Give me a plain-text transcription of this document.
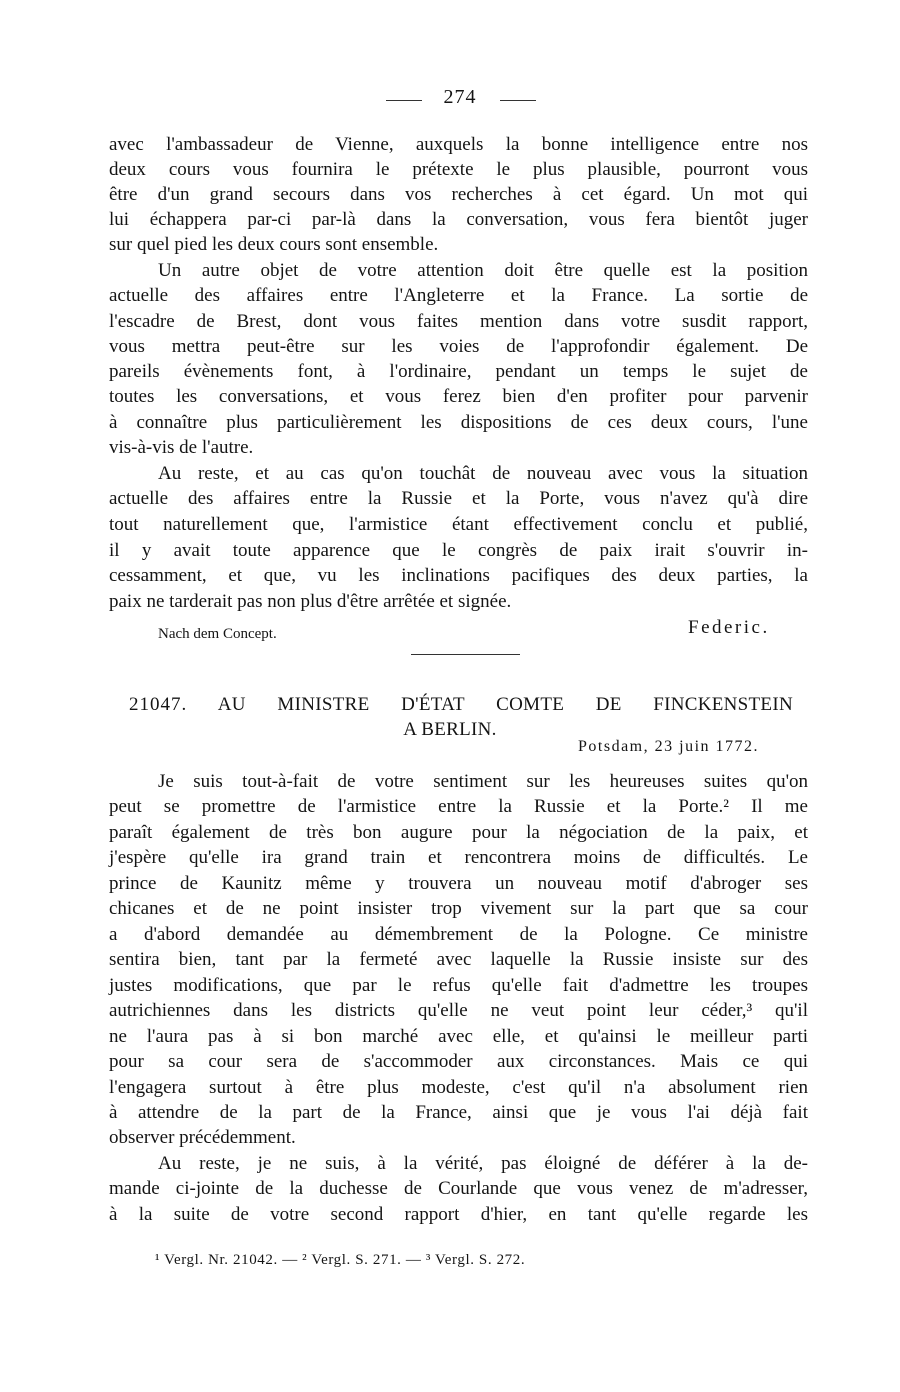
274
avec l'ambassadeur de Vienne, auxquels la bonne intelligence entre nos
deux cours vous fournira le prétexte le plus plausible, pourront vous
être d'un grand secours dans vos recherches à cet égard. Un mot qui
lui échappera par-ci par-là dans la conversation, vous fera bientôt juger
sur quel pied les deux cours sont ensemble.
Un autre objet de votre attention doit être quelle est la position
actuelle des affaires entre l'Angleterre et la France. La sortie de
l'escadre de Brest, dont vous faites mention dans votre susdit rapport,
vous mettra peut-être sur les voies de l'approfondir également. De
pareils évènements font, à l'ordinaire, pendant un temps le sujet de
toutes les conversations, et vous ferez bien d'en profiter pour parvenir
à connaître plus particulièrement les dispositions de ces deux cours, l'une
vis-à-vis de l'autre.
Au reste, et au cas qu'on touchât de nouveau avec vous la situation
actuelle des affaires entre la Russie et la Porte, vous n'avez qu'à dire
tout naturellement que, l'armistice étant effectivement conclu et publié,
il y avait toute apparence que le congrès de paix irait s'ouvrir in-
cessamment, et que, vu les inclinations pacifiques des deux parties, la
paix ne tarderait pas non plus d'être arrêtée et signée.
Nach dem Concept.	Federic.
21047. AU MINISTRE D'ÉTAT COMTE DE FINCKENSTEIN
A BERLIN.
Potsdam, 23 juin 1772.
Je suis tout-à-fait de votre sentiment sur les heureuses suites qu'on
peut se promettre de l'armistice entre la Russie et la Porte.² Il me
paraît également de très bon augure pour la négociation de la paix, et
j'espère qu'elle ira grand train et rencontrera moins de difficultés. Le
prince de Kaunitz même y trouvera un nouveau motif d'abroger ses
chicanes et de ne point insister trop vivement sur la part que sa cour
a d'abord demandée au démembrement de la Pologne. Ce ministre
sentira bien, tant par la fermeté avec laquelle la Russie insiste sur des
justes modifications, que par le refus qu'elle fait d'admettre les troupes
autrichiennes dans les districts qu'elle ne veut point leur céder,³ qu'il
ne l'aura pas à si bon marché avec elle, et qu'ainsi le meilleur parti
pour sa cour sera de s'accommoder aux circonstances. Mais ce qui
l'engagera surtout à être plus modeste, c'est qu'il n'a absolument rien
à attendre de la part de la France, ainsi que je vous l'ai déjà fait
observer précédemment.
Au reste, je ne suis, à la vérité, pas éloigné de déférer à la de-
mande ci-jointe de la duchesse de Courlande que vous venez de m'adresser,
à la suite de votre second rapport d'hier, en tant qu'elle regarde les
¹ Vergl. Nr. 21042. — ² Vergl. S. 271. — ³ Vergl. S. 272.
